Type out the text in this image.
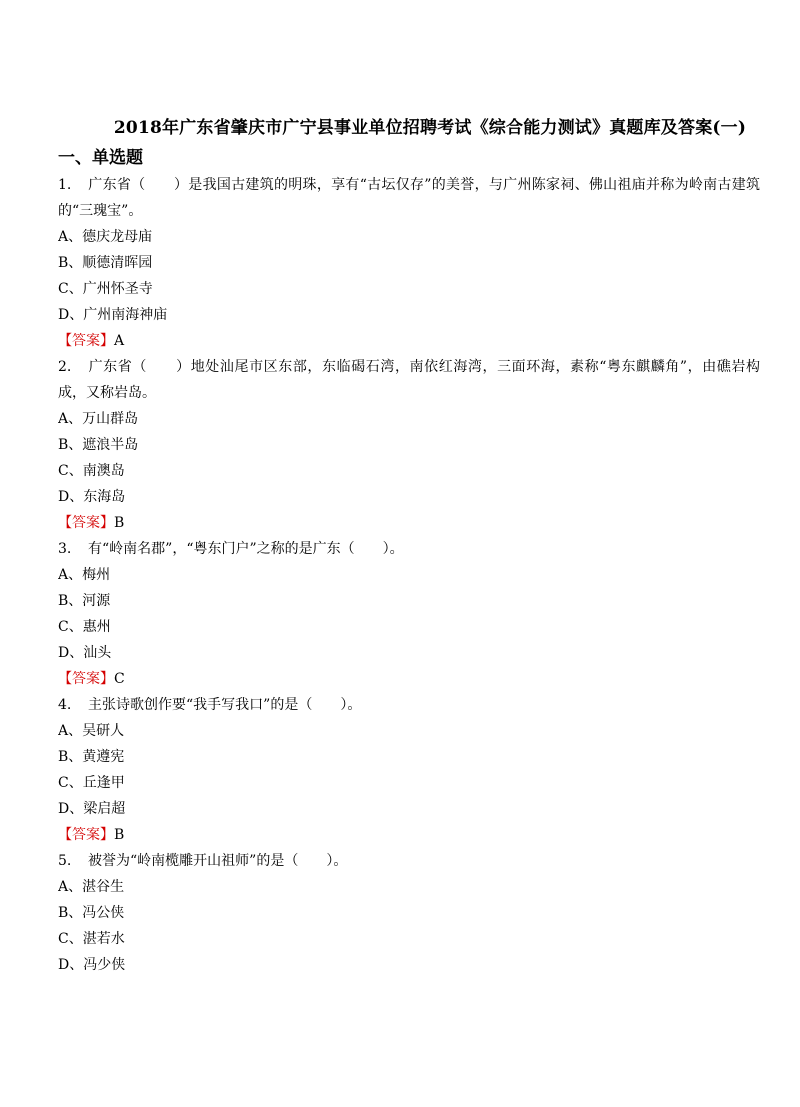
2018年广东省肇庆市广宁县事业单位招聘考试《综合能力测试》真题库及答案(一)
一、单选题
1. 广东省（　　）是我国古建筑的明珠，享有“古坛仅存”的美誉，与广州陈家祠、佛山祖庙并称为岭南古建筑的“三瑰宝”。
A、德庆龙母庙
B、顺德清晖园
C、广州怀圣寺
D、广州南海神庙
【答案】A
2. 广东省（　　）地处汕尾市区东部，东临碣石湾，南依红海湾，三面环海，素称“粤东麒麟角”，由礁岩构成，又称岩岛。
A、万山群岛
B、遮浪半岛
C、南澳岛
D、东海岛
【答案】B
3. 有“岭南名郡”，“粤东门户”之称的是广东（　　）。
A、梅州
B、河源
C、惠州
D、汕头
【答案】C
4. 主张诗歌创作要“我手写我口”的是（　　）。
A、吴研人
B、黄遵宪
C、丘逢甲
D、梁启超
【答案】B
5. 被誉为“岭南榄雕开山祖师”的是（　　）。
A、湛谷生
B、冯公侠
C、湛若水
D、冯少侠
